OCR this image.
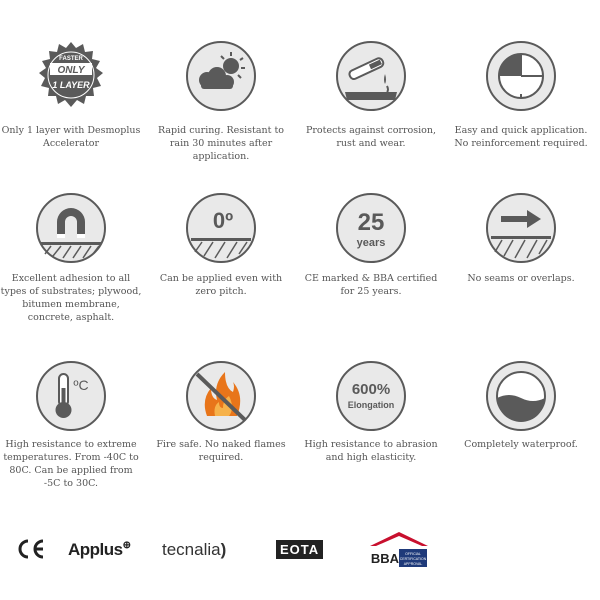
FASTER
ONLY
1 LAYER
Only 1 layer with Desmoplus Accelerator
Rapid curing. Resistant to rain 30 minutes after application.
Protects against corrosion, rust and wear.
Easy and quick application. No reinforcement required.
Excellent adhesion to all types of substrates; plywood, bitumen membrane, concrete, asphalt.
0º
Can be applied even with zero pitch.
25
years
CE marked & BBA certified for 25 years.
No seams or overlaps.
ºC
High resistance to extreme temperatures. From -40C to 80C. Can be applied from -5C to 30C.
Fire safe. No naked flames required.
600%
Elongation
High resistance to abrasion and high elasticity.
Completely waterproof.
Applus⊕ tecnalia)	EOTA
BBA OFFICIAL
CERTIFICATION
APPROVAL
